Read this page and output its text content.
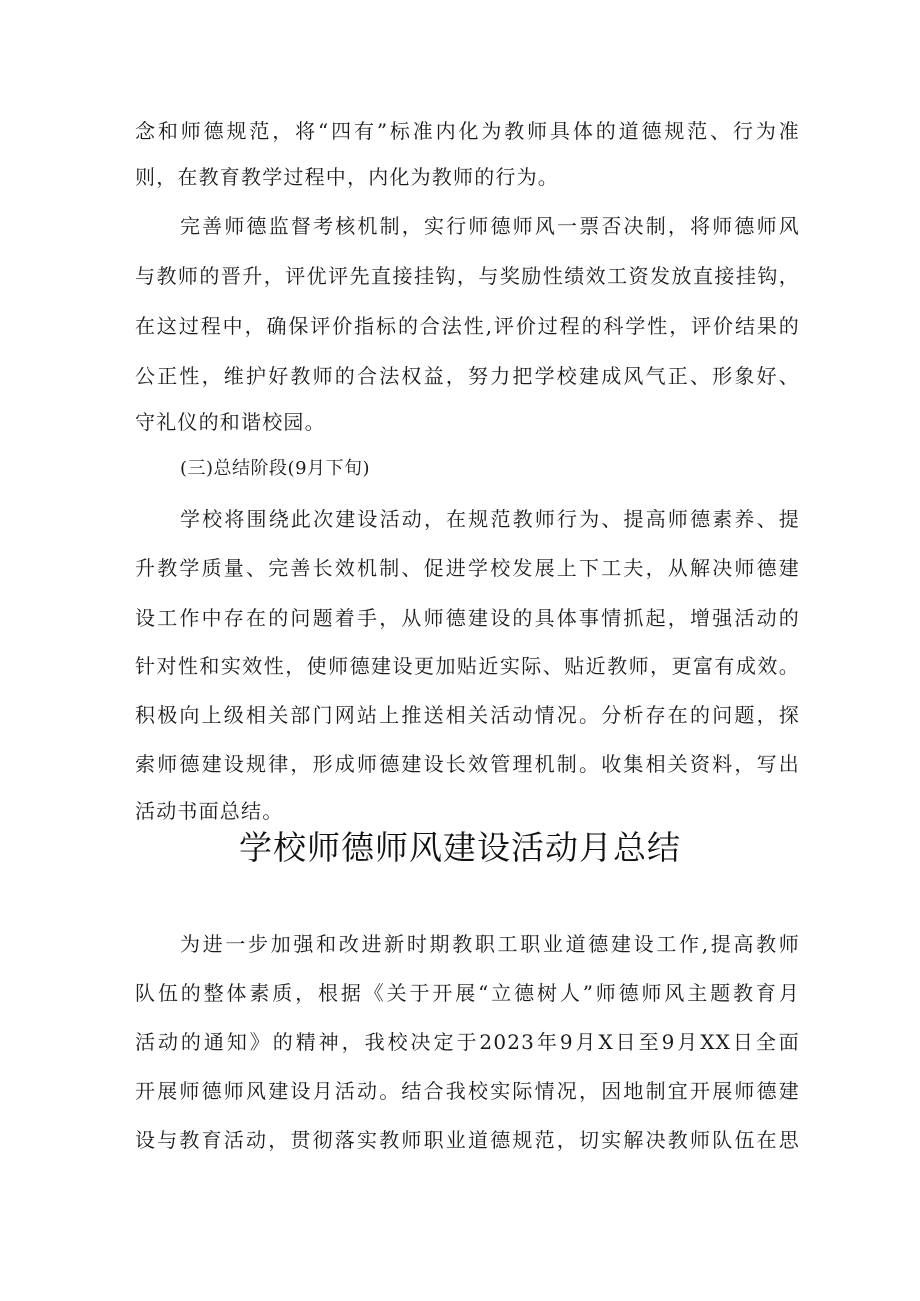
念和师德规范，将“四有”标准内化为教师具体的道德规范、行为准
则，在教育教学过程中，内化为教师的行为。
完善师德监督考核机制，实行师德师风一票否决制，将师德师风
与教师的晋升，评优评先直接挂钩，与奖励性绩效工资发放直接挂钩，
在这过程中，确保评价指标的合法性,评价过程的科学性，评价结果的
公正性，维护好教师的合法权益，努力把学校建成风气正、形象好、
守礼仪的和谐校园。
(三)总结阶段(9月下旬)
学校将围绕此次建设活动，在规范教师行为、提高师德素养、提
升教学质量、完善长效机制、促进学校发展上下工夫，从解决师德建
设工作中存在的问题着手，从师德建设的具体事情抓起，增强活动的
针对性和实效性，使师德建设更加贴近实际、贴近教师，更富有成效。
积极向上级相关部门网站上推送相关活动情况。分析存在的问题，探
索师德建设规律，形成师德建设长效管理机制。收集相关资料，写出
活动书面总结。
学校师德师风建设活动月总结
为进一步加强和改进新时期教职工职业道德建设工作,提高教师
队伍的整体素质，根据《关于开展“立德树人”师德师风主题教育月
活动的通知》的精神，我校决定于2023年9月X日至9月XX日全面
开展师德师风建设月活动。结合我校实际情况，因地制宜开展师德建
设与教育活动，贯彻落实教师职业道德规范，切实解决教师队伍在思
